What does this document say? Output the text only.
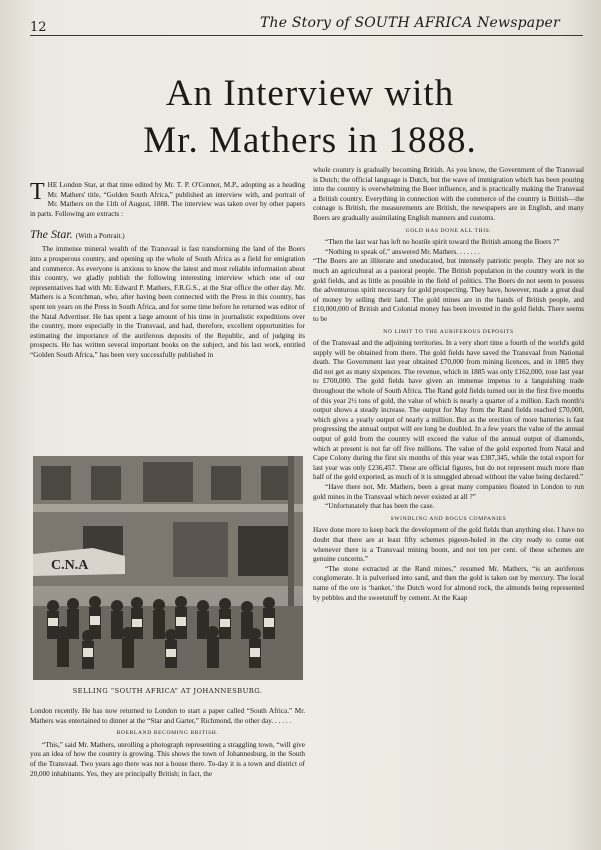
12	The Story of SOUTH AFRICA Newspaper
An Interview with
Mr. Mathers in 1888.

THE London Star, at that time edited by Mr. T. P. O'Connor, M.P., adopting as a heading Mr. Mathers' title, “Golden South Africa,” published an interview with, and portrait of Mr. Mathers on the 11th of August, 1888. The interview was taken over by other papers in parts. Following are extracts :

The Star. (With a Portrait.)

The immense mineral wealth of the Transvaal is fast transforming the land of the Boers into a prosperous country, and opening up the whole of South Africa as a field for emigration and commerce. As everyone is anxious to know the latest and most reliable information about this country, we gladly publish the following interesting interview which one of our representatives had with Mr. Edward P. Mathers, F.R.G.S., at the Star office the other day. Mr. Mathers is a Scotchman, who, after having been connected with the Press in this country, has spent ten years on the Press in South Africa, and for some time before he returned was editor of the Natal Advertiser. He has spent a large amount of his time in journalistic expeditions over the country, more especially in the Transvaal, and had, therefore, excellent opportunities for estimating the importance of the auriferous deposits of the Republic, and of judging its prospects. He has written several important books on the subject, and his last work, entitled “Golden South Africa,” has been very successfully published in

C.N.A
SELLING “SOUTH AFRICA” AT JOHANNESBURG.

London recently. He has now returned to London to start a paper called “South Africa.” Mr. Mathers was entertained to dinner at the “Star and Garter,” Richmond, the other day. . . . . .

BOERLAND BECOMING BRITISH.

“This,” said Mr. Mathers, unrolling a photograph representing a straggling town, “will give you an idea of how the country is growing. This shows the town of Johannesburg, in the South of the Transvaal. Two years ago there was not a house there. To-day it is a town and district of 20,000 inhabitants. Yes, they are principally British; in fact, the

whole country is gradually becoming British. As you know, the Government of the Transvaal is Dutch; the official language is Dutch, but the wave of immigration which has been pouring into the country is overwhelming the Boer influence, and is practically making the Transvaal a British country. Everything in connection with the commerce of the country is British—the coinage is British, the measurements are British, the newspapers are in English, and many Boers are gradually assimilating English manners and customs.

GOLD HAS DONE ALL THIS.

“Then the last war has left no hostile spirit toward the British among the Boers ?”

“Nothing to speak of,” answered Mr. Mathers. . . . . . .

“The Boers are an illiterate and uneducated, but intensely patriotic people. They are not so much an agricultural as a pastoral people. The British population in the country work in the gold fields, and as little as possible in the field of politics. The Boers do not seem to possess the adventurous spirit necessary for gold prospecting. They have, however, made a great deal of money by selling their land. The gold mines are in the hands of British people, and £10,000,000 of British and Colonial money has been invested in the gold fields. There seems to be

NO LIMIT TO THE AURIFEROUS DEPOSITS

of the Transvaal and the adjoining territories. In a very short time a fourth of the world's gold supply will be obtained from there. The gold fields have saved the Transvaal from National death. The Government last year obtained £70,000 from mining licences, and in 1885 they did not get as many sixpences. The revenue, which in 1885 was only £162,000, rose last year to £700,000. The gold fields have given an immense impetus to a languishing trade throughout the whole of South Africa. The Rand gold fields turned out in the first five months of this year 2½ tons of gold, the value of which is nearly a quarter of a million. Each month's output shows a steady increase. The output for May from the Rand fields reached £70,000, which gives a yearly output of nearly a million. But as the erection of more batteries is fast progressing the annual output will ere long be doubled. In a few years the value of the annual output of gold from the country will exceed the value of the annual output of diamonds, which at present is not far off five millions. The value of the gold exported from Natal and Cape Colony during the first six months of this year was £387,345, while the total export for last year was only £236,457. These are official figures, but do not represent much more than half of the gold exported, as much of it is smuggled abroad without the value being declared.”

“Have there not, Mr. Mathers, been a great many companies floated in London to run gold mines in the Transvaal which never existed at all ?”

“Unfortunately that has been the case.

SWINDLING AND BOGUS COMPANIES

Have done more to keep back the development of the gold fields than anything else. I have no doubt that there are at least fifty schemes pigeon-holed in the city ready to come out whenever there is a Transvaal mining boom, and not ten per cent. of these schemes are genuine concerns.”

“The stone extracted at the Rand mines,” resumed Mr. Mathers, “is an auriferous conglomerate. It is pulverised into sand, and then the gold is taken out by mercury. The local name of the ore is ‘banket,’ the Dutch word for almond rock, the almonds being represented by pebbles and the sweetstuff by cement. At the Kaap
